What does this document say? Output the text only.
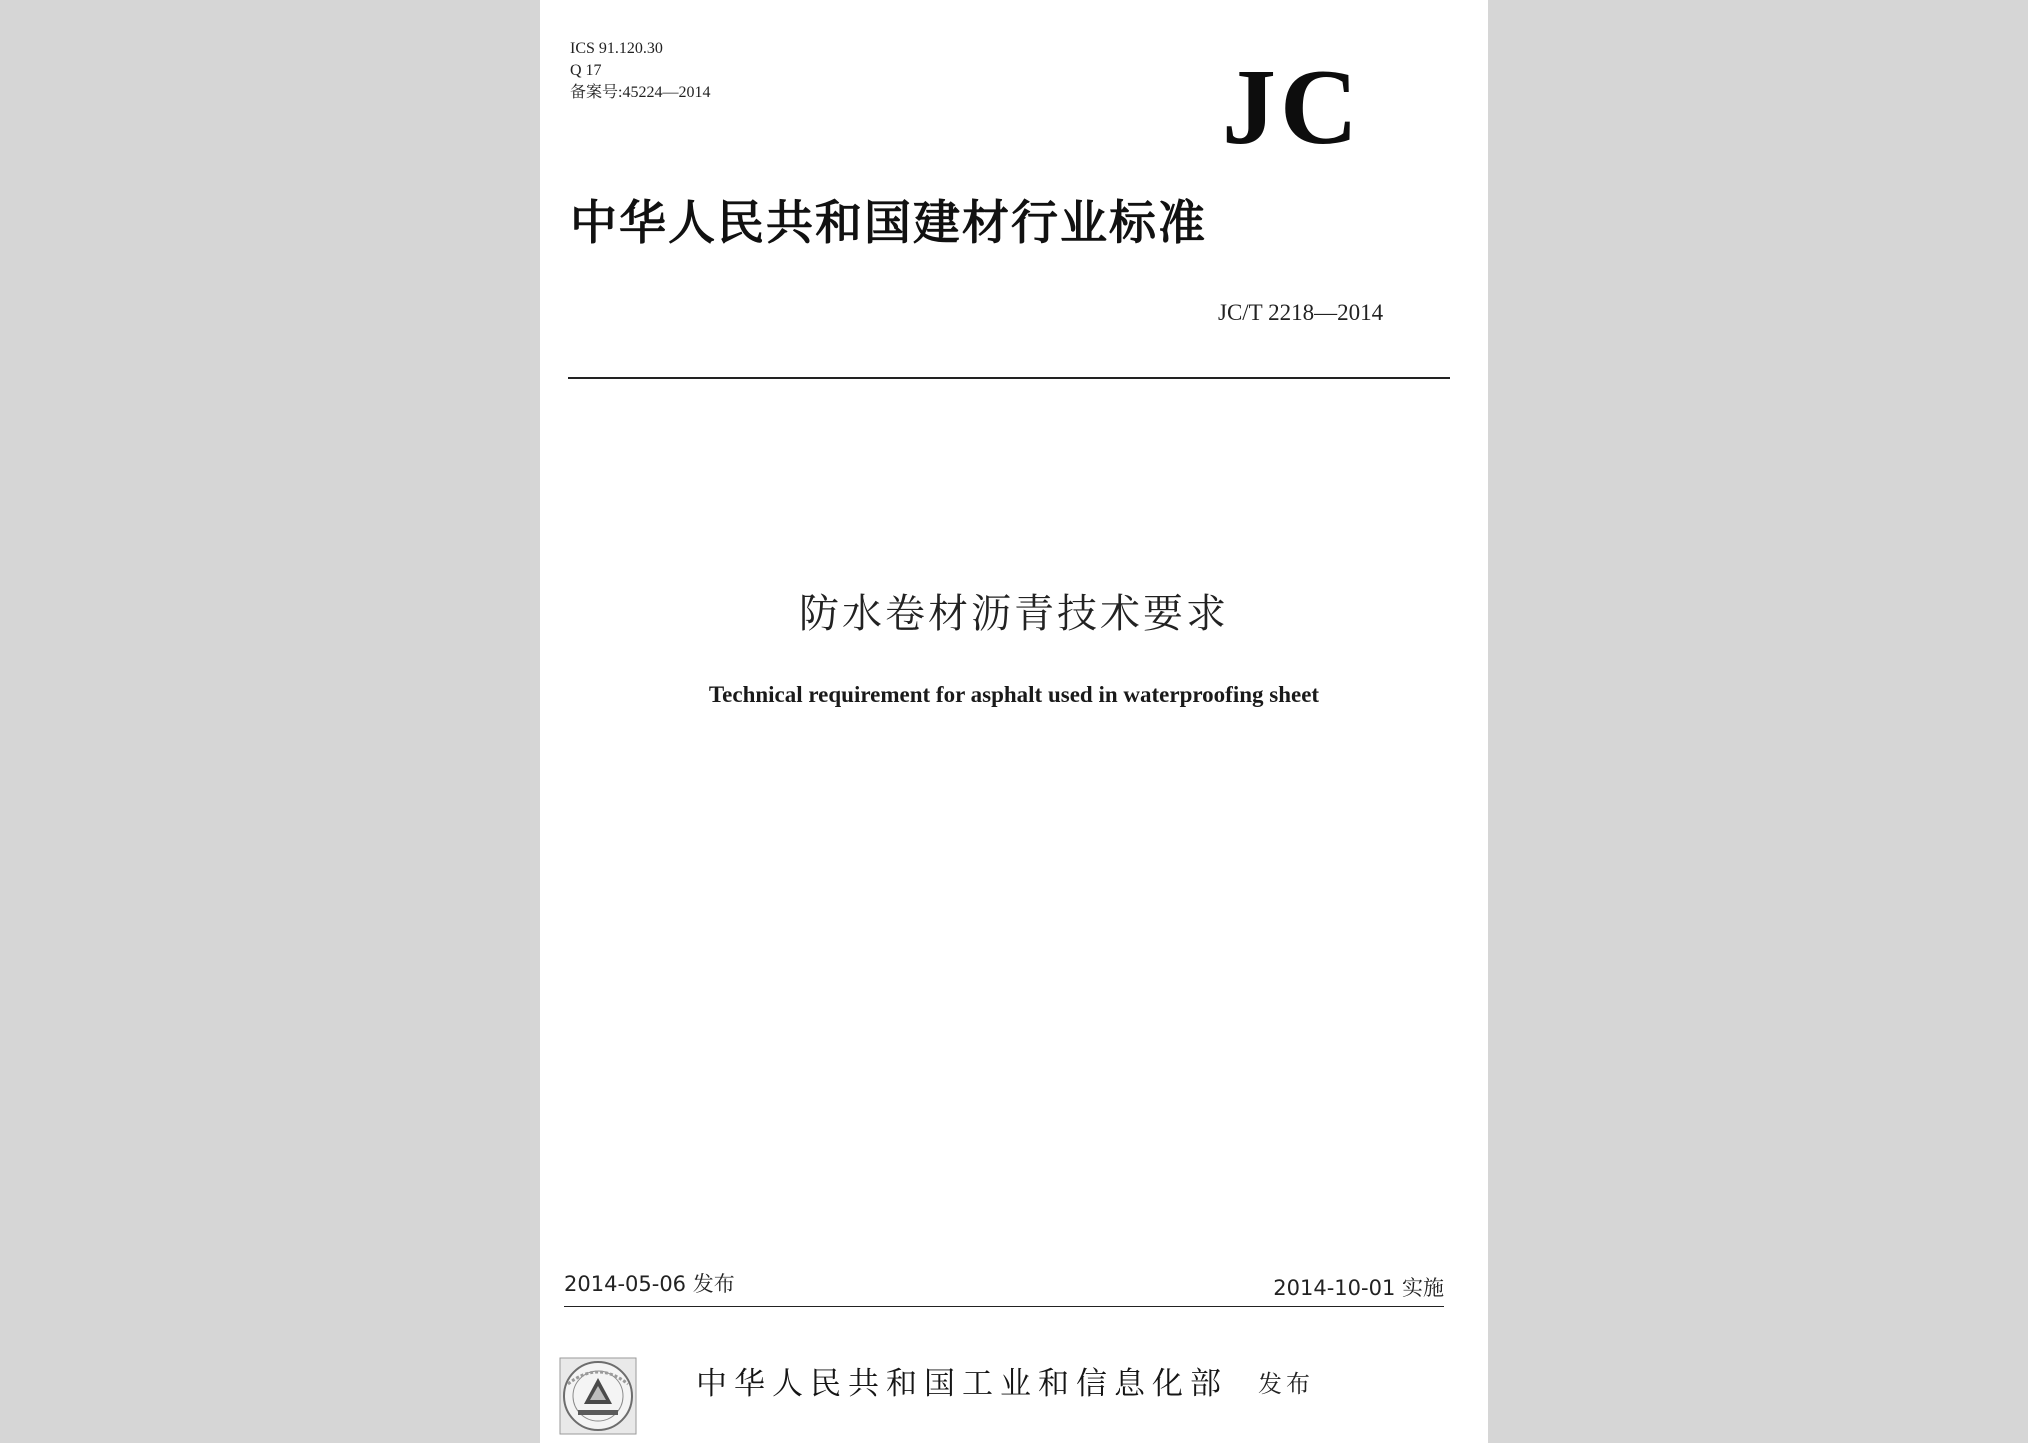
ICS 91.120.30
Q 17
备案号:45224—2014	JC
中华人民共和国建材行业标准
JC/T 2218—2014
防水卷材沥青技术要求
Technical requirement for asphalt used in waterproofing sheet
2014-05-06 发布	2014-10-01 实施
中华人民共和国工业和信息化部 发布
